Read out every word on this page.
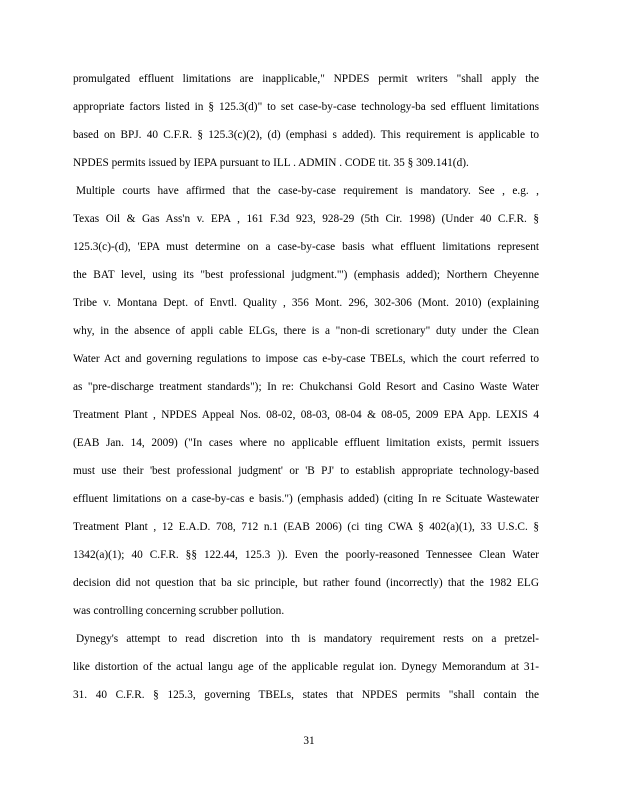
promulgated effluent limitations are inapplicable," NPDES permit writers "shall apply the
appropriate factors listed in § 125.3(d)" to set case-by-case technology-ba sed effluent limitations
based on BPJ. 40 C.F.R. § 125.3(c)(2), (d) (emphasi s added). This requirement is applicable to
NPDES permits issued by IEPA pursuant to ILL . ADMIN . CODE tit. 35 § 309.141(d).
Multiple courts have affirmed that the case-by-case requirement is mandatory. See , e.g. ,
Texas Oil & Gas Ass'n v. EPA , 161 F.3d 923, 928-29 (5th Cir. 1998) (Under 40 C.F.R. §
125.3(c)-(d), 'EPA must determine on a case-by-case basis what effluent limitations represent
the BAT level, using its "best professional judgment."') (emphasis added); Northern Cheyenne
Tribe v. Montana Dept. of Envtl. Quality , 356 Mont. 296, 302-306 (Mont. 2010) (explaining
why, in the absence of appli cable ELGs, there is a "non-di scretionary" duty under the Clean
Water Act and governing regulations to impose cas e-by-case TBELs, which the court referred to
as "pre-discharge treatment standards"); In re: Chukchansi Gold Resort and Casino Waste Water
Treatment Plant , NPDES Appeal Nos. 08-02, 08-03, 08-04 & 08-05, 2009 EPA App. LEXIS 4
(EAB Jan. 14, 2009) ("In cases where no applicable effluent limitation exists, permit issuers
must use their 'best professional judgment' or 'B PJ' to establish appropriate technology-based
effluent limitations on a case-by-cas e basis.") (emphasis added) (citing In re Scituate Wastewater
Treatment Plant , 12 E.A.D. 708, 712 n.1 (EAB 2006) (ci ting CWA § 402(a)(1), 33 U.S.C. §
1342(a)(1); 40 C.F.R. §§ 122.44, 125.3 )). Even the poorly-reasoned Tennessee Clean Water
decision did not question that ba sic principle, but rather found (incorrectly) that the 1982 ELG
was controlling concerning scrubber pollution.
Dynegy's attempt to read discretion into th is mandatory requirement rests on a pretzel-
like distortion of the actual langu age of the applicable regulat ion. Dynegy Memorandum at 31-
31. 40 C.F.R. § 125.3, governing TBELs, states that NPDES permits "shall contain the
31
